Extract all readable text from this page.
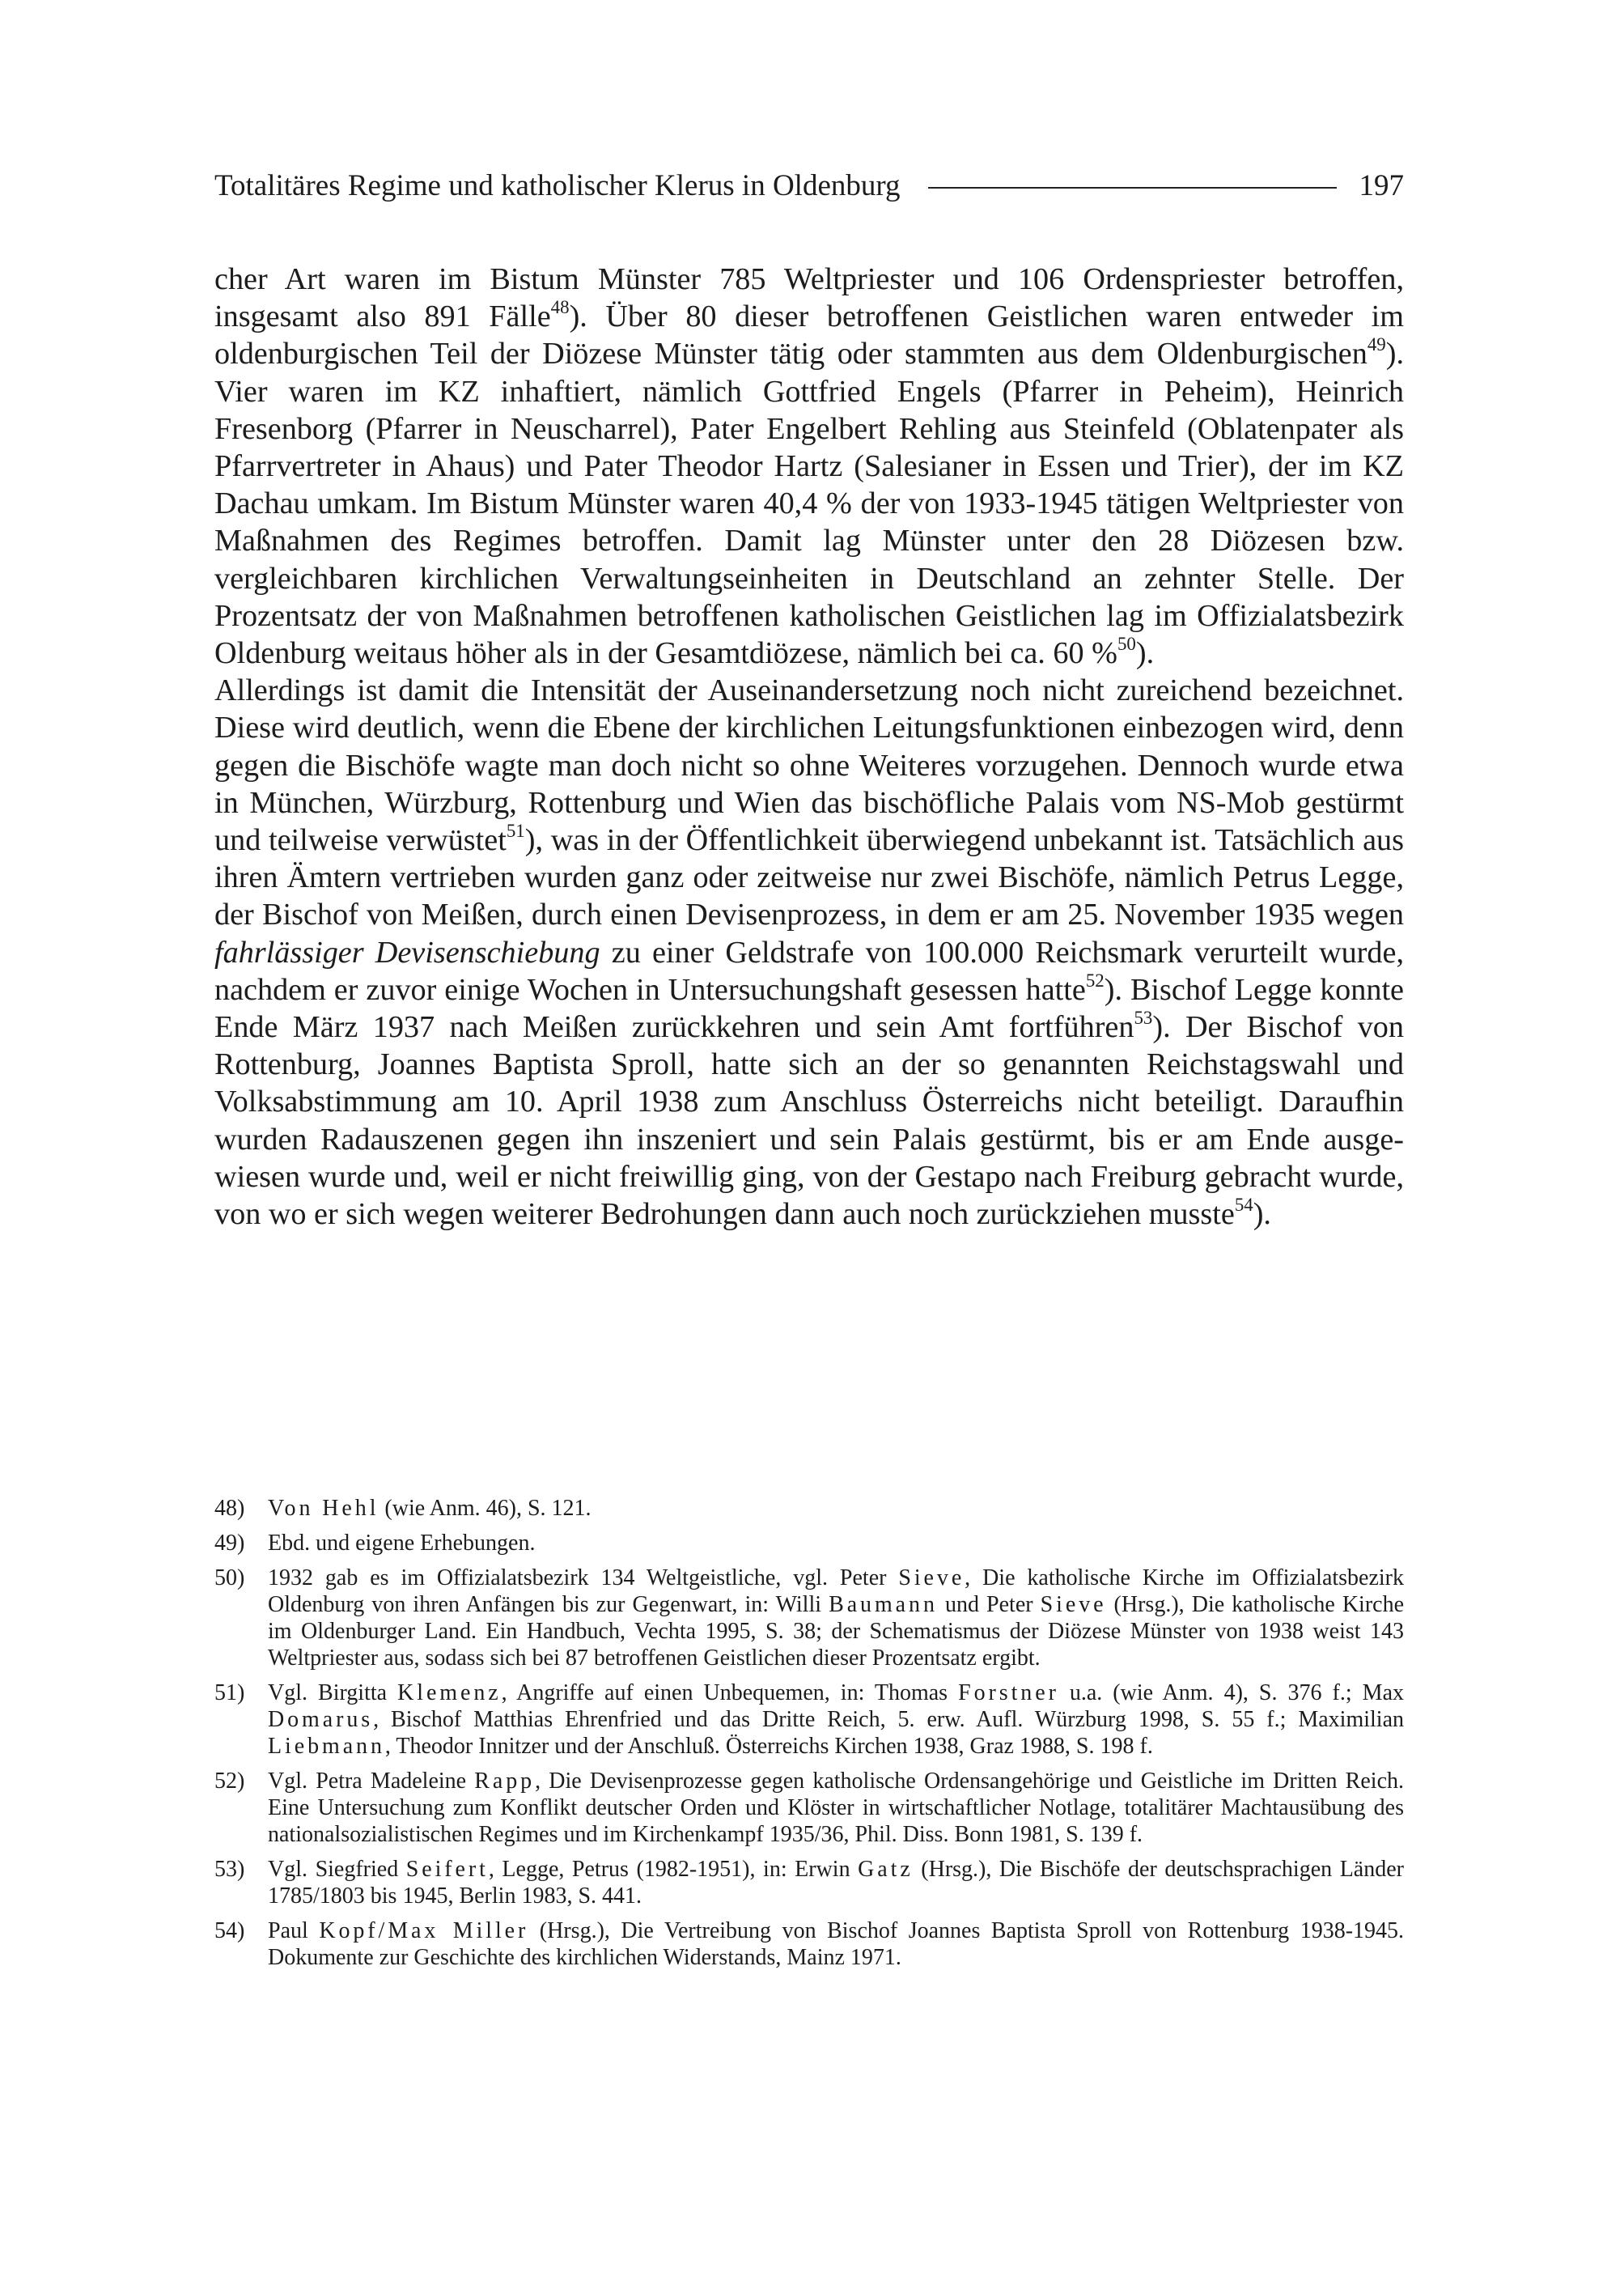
Totalitäres Regime und katholischer Klerus in Oldenburg	197

cher Art waren im Bistum Münster 785 Weltpriester und 106 Ordenspriester betroffen, insgesamt also 891 Fälle$^{48}$). Über 80 dieser betroffenen Geistlichen waren entweder im oldenburgischen Teil der Diözese Münster tätig oder stammten aus dem Oldenburgischen$^{49}$). Vier waren im KZ inhaftiert, nämlich Gottfried Engels (Pfarrer in Peheim), Heinrich Fresenborg (Pfarrer in Neuscharrel), Pater Engelbert Rehling aus Steinfeld (Oblatenpater als Pfarrvertreter in Ahaus) und Pater Theodor Hartz (Salesianer in Essen und Trier), der im KZ Dachau umkam. Im Bistum Münster waren 40,4 % der von 1933-1945 tätigen Weltpriester von Maßnahmen des Regimes betroffen. Damit lag Münster unter den 28 Diözesen bzw. vergleichbaren kirchlichen Verwaltungseinheiten in Deutschland an zehnter Stelle. Der Prozentsatz der von Maßnahmen betroffenen katholischen Geistlichen lag im Offizialatsbezirk Oldenburg weitaus höher als in der Gesamtdiözese, nämlich bei ca. 60 %$^{50}$).

Allerdings ist damit die Intensität der Auseinandersetzung noch nicht zureichend bezeichnet. Diese wird deutlich, wenn die Ebene der kirchlichen Leitungsfunktionen einbezogen wird, denn gegen die Bischöfe wagte man doch nicht so ohne Weiteres vorzugehen. Dennoch wurde etwa in München, Würzburg, Rottenburg und Wien das bischöfliche Palais vom NS-Mob gestürmt und teilweise verwüstet$^{51}$), was in der Öffentlichkeit überwiegend unbekannt ist. Tatsächlich aus ihren Ämtern vertrieben wurden ganz oder zeitweise nur zwei Bischöfe, nämlich Petrus Legge, der Bischof von Meißen, durch einen Devisenprozess, in dem er am 25. November 1935 wegen fahrlässiger Devisenschiebung zu einer Geldstrafe von 100.000 Reichsmark verurteilt wurde, nachdem er zuvor einige Wochen in Untersuchungshaft gesessen hatte$^{52}$). Bischof Legge konnte Ende März 1937 nach Meißen zurückkehren und sein Amt fortführen$^{53}$). Der Bischof von Rottenburg, Joannes Baptista Sproll, hatte sich an der so genannten Reichstagswahl und Volksabstimmung am 10. April 1938 zum Anschluss Österreichs nicht beteiligt. Daraufhin wurden Radauszenen gegen ihn inszeniert und sein Palais gestürmt, bis er am Ende ausgewiesen wurde und, weil er nicht freiwillig ging, von der Gestapo nach Freiburg gebracht wurde, von wo er sich wegen weiterer Bedrohungen dann auch noch zurückziehen musste$^{54}$).

48)	Von Hehl (wie Anm. 46), S. 121.
49)	Ebd. und eigene Erhebungen.
50)	1932 gab es im Offizialatsbezirk 134 Weltgeistliche, vgl. Peter Sieve, Die katholische Kirche im Offizialatsbezirk Oldenburg von ihren Anfängen bis zur Gegenwart, in: Willi Baumann und Peter Sieve (Hrsg.), Die katholische Kirche im Oldenburger Land. Ein Handbuch, Vechta 1995, S. 38; der Schematismus der Diözese Münster von 1938 weist 143 Weltpriester aus, sodass sich bei 87 betroffenen Geistlichen dieser Prozentsatz ergibt.
51)	Vgl. Birgitta Klemenz, Angriffe auf einen Unbequemen, in: Thomas Forstner u.a. (wie Anm. 4), S. 376 f.; Max Domarus, Bischof Matthias Ehrenfried und das Dritte Reich, 5. erw. Aufl. Würzburg 1998, S. 55 f.; Maximilian Liebmann, Theodor Innitzer und der Anschluß. Österreichs Kirchen 1938, Graz 1988, S. 198 f.
52)	Vgl. Petra Madeleine Rapp, Die Devisenprozesse gegen katholische Ordensangehörige und Geistliche im Dritten Reich. Eine Untersuchung zum Konflikt deutscher Orden und Klöster in wirtschaftlicher Notlage, totalitärer Machtausübung des nationalsozialistischen Regimes und im Kirchenkampf 1935/36, Phil. Diss. Bonn 1981, S. 139 f.
53)	Vgl. Siegfried Seifert, Legge, Petrus (1982-1951), in: Erwin Gatz (Hrsg.), Die Bischöfe der deutschsprachigen Länder 1785/1803 bis 1945, Berlin 1983, S. 441.
54)	Paul Kopf/Max Miller (Hrsg.), Die Vertreibung von Bischof Joannes Baptista Sproll von Rottenburg 1938-1945. Dokumente zur Geschichte des kirchlichen Widerstands, Mainz 1971.
